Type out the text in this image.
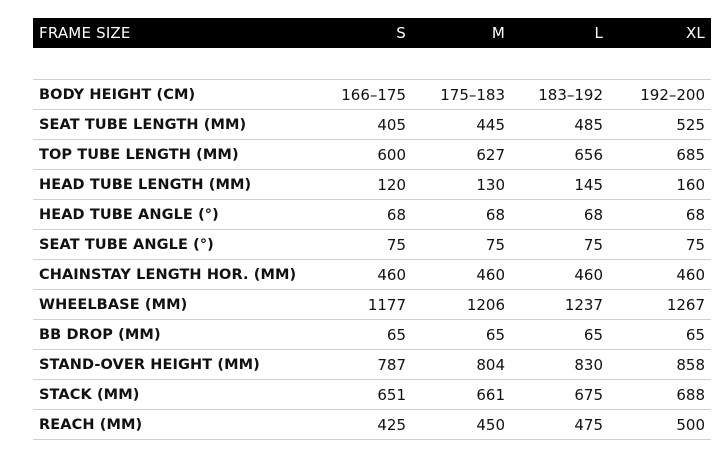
FRAME SIZE	S	M	L	XL

BODY HEIGHT (CM)	166–175	175–183	183–192	192–200
SEAT TUBE LENGTH (MM)	405	445	485	525
TOP TUBE LENGTH (MM)	600	627	656	685
HEAD TUBE LENGTH (MM)	120	130	145	160
HEAD TUBE ANGLE (°)	68	68	68	68
SEAT TUBE ANGLE (°)	75	75	75	75
CHAINSTAY LENGTH HOR. (MM)	460	460	460	460
WHEELBASE (MM)	1177	1206	1237	1267
BB DROP (MM)	65	65	65	65
STAND-OVER HEIGHT (MM)	787	804	830	858
STACK (MM)	651	661	675	688
REACH (MM)	425	450	475	500
